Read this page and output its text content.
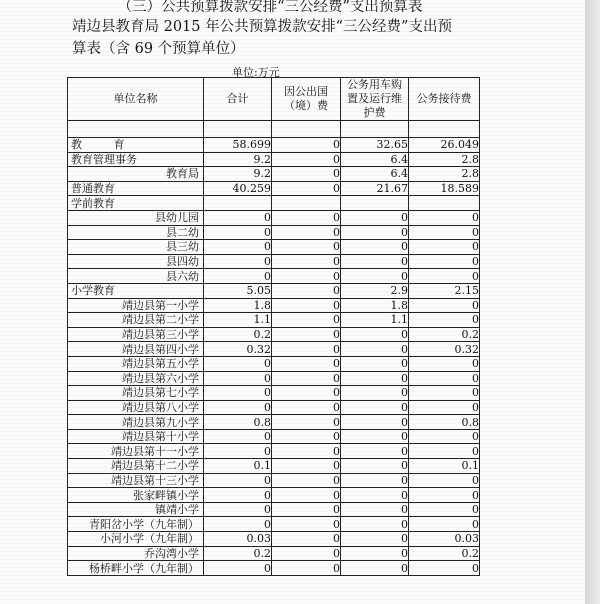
（三）公共预算拨款安排“三公经费”支出预算表
靖边县教育局 2015 年公共预算拨款安排“三公经费”支出预
算表（含 69 个预算单位）
单位:万元
单位名称	合计	因公出国（境）费	公务用车购置及运行维护费	公务接待费

教 育	58.699	0	32.65	26.049
教育管理事务	9.2	0	6.4	2.8
教育局	9.2	0	6.4	2.8
普通教育	40.259	0	21.67	18.589
学前教育				
县幼儿园	0	0	0	0
县二幼	0	0	0	0
县三幼	0	0	0	0
县四幼	0	0	0	0
县六幼	0	0	0	0
小学教育	5.05	0	2.9	2.15
靖边县第一小学	1.8	0	1.8	0
靖边县第二小学	1.1	0	1.1	0
靖边县第三小学	0.2	0	0	0.2
靖边县第四小学	0.32	0	0	0.32
靖边县第五小学	0	0	0	0
靖边县第六小学	0	0	0	0
靖边县第七小学	0	0	0	0
靖边县第八小学	0	0	0	0
靖边县第九小学	0.8	0	0	0.8
靖边县第十小学	0	0	0	0
靖边县第十一小学	0	0	0	0
靖边县第十二小学	0.1	0	0	0.1
靖边县第十三小学	0	0	0	0
张家畔镇小学	0	0	0	0
镇靖小学	0	0	0	0
青阳岔小学（九年制）	0	0	0	0
小河小学（九年制）	0.03	0	0	0.03
乔沟湾小学	0.2	0	0	0.2
杨桥畔小学（九年制）	0	0	0	0
